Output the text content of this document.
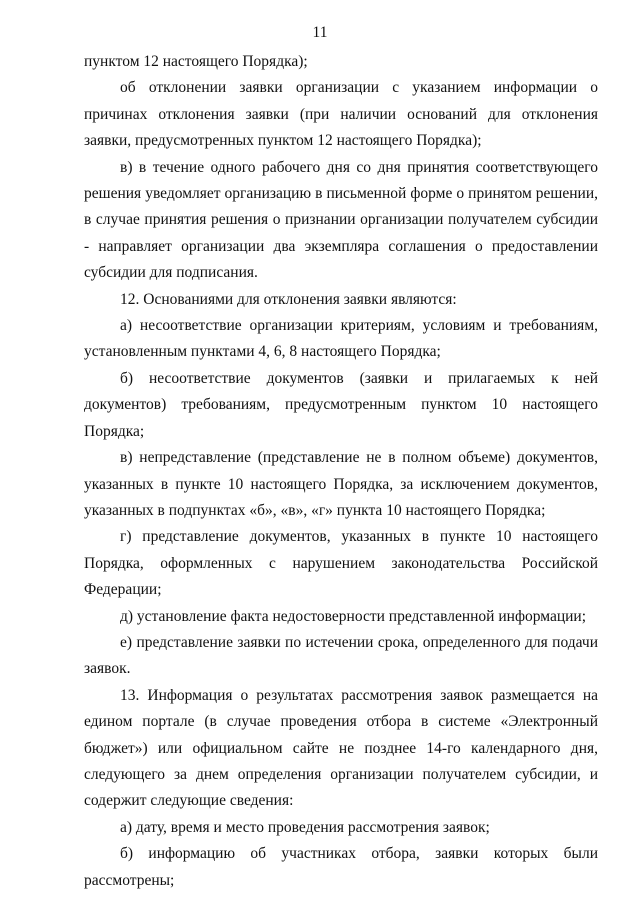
11

пунктом 12 настоящего Порядка);

об отклонении заявки организации с указанием информации о причинах отклонения заявки (при наличии оснований для отклонения заявки, предусмотренных пунктом 12 настоящего Порядка);

в) в течение одного рабочего дня со дня принятия соответствующего решения уведомляет организацию в письменной форме о принятом решении, в случае принятия решения о признании организации получателем субсидии - направляет организации два экземпляра соглашения о предоставлении субсидии для подписания.

12. Основаниями для отклонения заявки являются:

а) несоответствие организации критериям, условиям и требованиям, установленным пунктами 4, 6, 8 настоящего Порядка;

б) несоответствие документов (заявки и прилагаемых к ней документов) требованиям, предусмотренным пунктом 10 настоящего Порядка;

в) непредставление (представление не в полном объеме) документов, указанных в пункте 10 настоящего Порядка, за исключением документов, указанных в подпунктах «б», «в», «г» пункта 10 настоящего Порядка;

г) представление документов, указанных в пункте 10 настоящего Порядка, оформленных с нарушением законодательства Российской Федерации;

д) установление факта недостоверности представленной информации;

е) представление заявки по истечении срока, определенного для подачи заявок.

13. Информация о результатах рассмотрения заявок размещается на едином портале (в случае проведения отбора в системе «Электронный бюджет») или официальном сайте не позднее 14-го календарного дня, следующего за днем определения организации получателем субсидии, и содержит следующие сведения:

а) дату, время и место проведения рассмотрения заявок;

б) информацию об участниках отбора, заявки которых были рассмотрены;
